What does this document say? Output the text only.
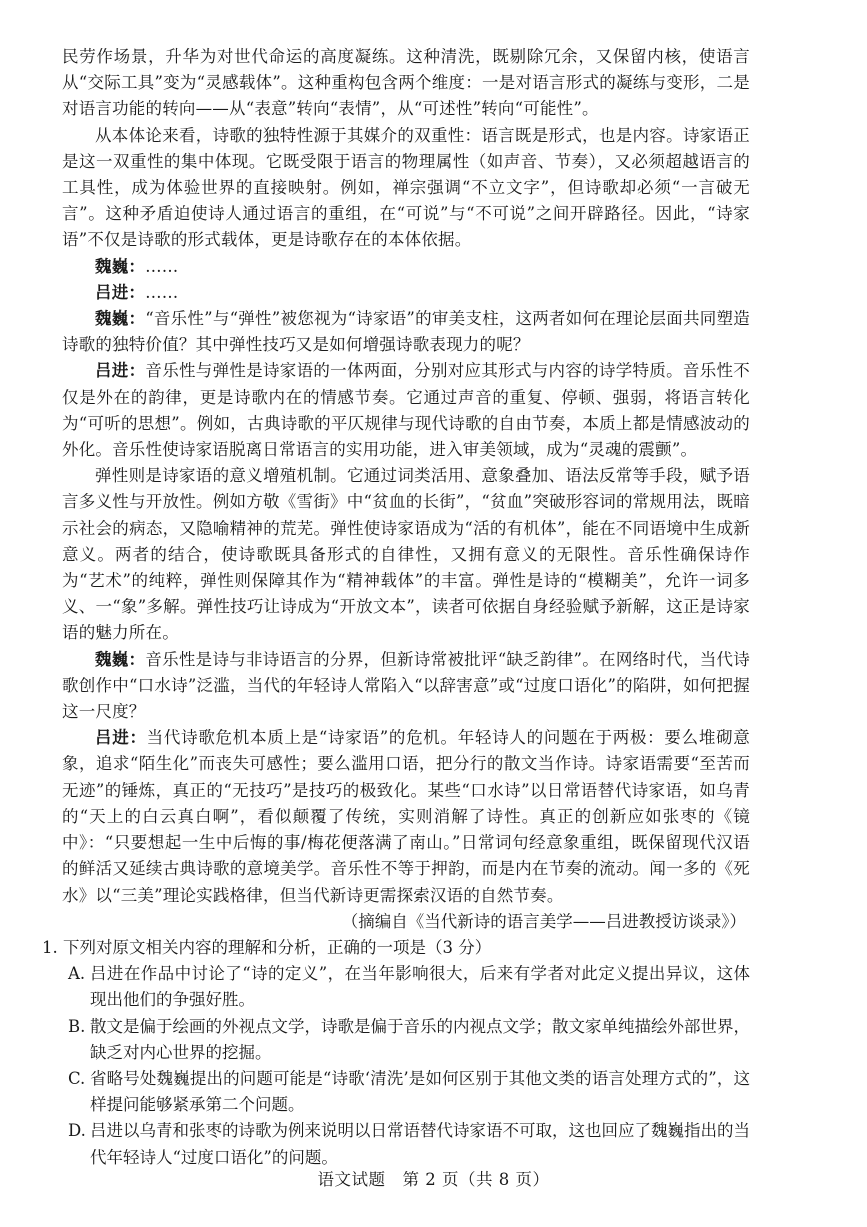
民劳作场景，升华为对世代命运的高度凝练。这种清洗，既剔除冗余，又保留内核，使语言从“交际工具”变为“灵感载体”。这种重构包含两个维度：一是对语言形式的凝练与变形，二是对语言功能的转向——从“表意”转向“表情”，从“可述性”转向“可能性”。

从本体论来看，诗歌的独特性源于其媒介的双重性：语言既是形式，也是内容。诗家语正是这一双重性的集中体现。它既受限于语言的物理属性（如声音、节奏），又必须超越语言的工具性，成为体验世界的直接映射。例如，禅宗强调“不立文字”，但诗歌却必须“一言破无言”。这种矛盾迫使诗人通过语言的重组，在“可说”与“不可说”之间开辟路径。因此，“诗家语”不仅是诗歌的形式载体，更是诗歌存在的本体依据。

魏巍：……

吕进：……

魏巍：“音乐性”与“弹性”被您视为“诗家语”的审美支柱，这两者如何在理论层面共同塑造诗歌的独特价值？其中弹性技巧又是如何增强诗歌表现力的呢？

吕进：音乐性与弹性是诗家语的一体两面，分别对应其形式与内容的诗学特质。音乐性不仅是外在的韵律，更是诗歌内在的情感节奏。它通过声音的重复、停顿、强弱，将语言转化为“可听的思想”。例如，古典诗歌的平仄规律与现代诗歌的自由节奏，本质上都是情感波动的外化。音乐性使诗家语脱离日常语言的实用功能，进入审美领域，成为“灵魂的震颤”。

弹性则是诗家语的意义增殖机制。它通过词类活用、意象叠加、语法反常等手段，赋予语言多义性与开放性。例如方敬《雪街》中“贫血的长街”，“贫血”突破形容词的常规用法，既暗示社会的病态，又隐喻精神的荒芜。弹性使诗家语成为“活的有机体”，能在不同语境中生成新意义。两者的结合，使诗歌既具备形式的自律性，又拥有意义的无限性。音乐性确保诗作为“艺术”的纯粹，弹性则保障其作为“精神载体”的丰富。弹性是诗的“模糊美”，允许一词多义、一“象”多解。弹性技巧让诗成为“开放文本”，读者可依据自身经验赋予新解，这正是诗家语的魅力所在。

魏巍：音乐性是诗与非诗语言的分界，但新诗常被批评“缺乏韵律”。在网络时代，当代诗歌创作中“口水诗”泛滥，当代的年轻诗人常陷入“以辞害意”或“过度口语化”的陷阱，如何把握这一尺度？

吕进：当代诗歌危机本质上是“诗家语”的危机。年轻诗人的问题在于两极：要么堆砌意象，追求“陌生化”而丧失可感性；要么滥用口语，把分行的散文当作诗。诗家语需要“至苦而无迹”的锤炼，真正的“无技巧”是技巧的极致化。某些“口水诗”以日常语替代诗家语，如乌青的“天上的白云真白啊”，看似颠覆了传统，实则消解了诗性。真正的创新应如张枣的《镜中》：“只要想起一生中后悔的事/梅花便落满了南山。”日常词句经意象重组，既保留现代汉语的鲜活又延续古典诗歌的意境美学。音乐性不等于押韵，而是内在节奏的流动。闻一多的《死水》以“三美”理论实践格律，但当代新诗更需探索汉语的自然节奏。

（摘编自《当代新诗的语言美学——吕进教授访谈录》）

1. 下列对原文相关内容的理解和分析，正确的一项是（3 分）

A. 吕进在作品中讨论了“诗的定义”，在当年影响很大，后来有学者对此定义提出异议，这体现出他们的争强好胜。
B. 散文是偏于绘画的外视点文学，诗歌是偏于音乐的内视点文学；散文家单纯描绘外部世界，缺乏对内心世界的挖掘。
C. 省略号处魏巍提出的问题可能是“诗歌‘清洗’是如何区别于其他文类的语言处理方式的”，这样提问能够紧承第二个问题。
D. 吕进以乌青和张枣的诗歌为例来说明以日常语替代诗家语不可取，这也回应了魏巍指出的当代年轻诗人“过度口语化”的问题。
语文试题　第 2 页（共 8 页）
